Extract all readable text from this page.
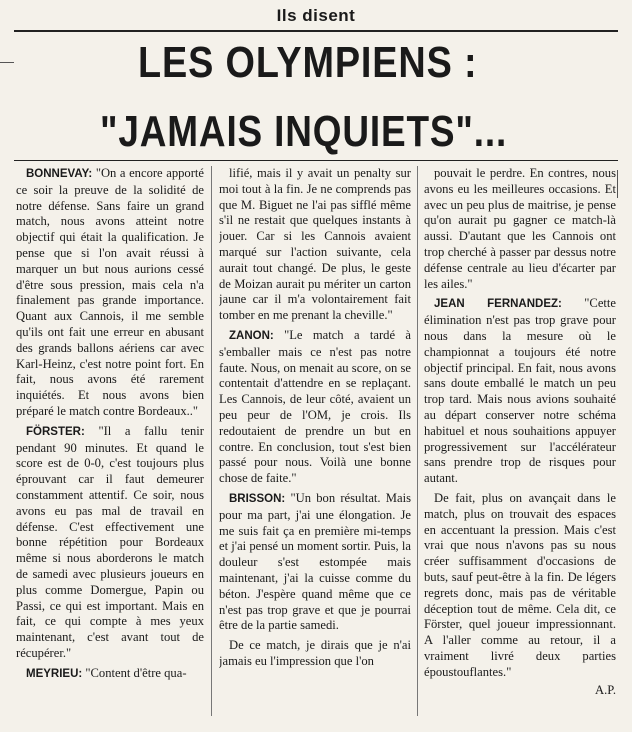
Ils disent
LES OLYMPIENS :
"JAMAIS INQUIETS"...

BONNEVAY: "On a encore apporté ce soir la preuve de la solidité de notre défense. Sans faire un grand match, nous avons atteint notre objectif qui était la qualification. Je pense que si l'on avait réussi à marquer un but nous aurions cessé d'être sous pression, mais cela n'a finalement pas grande importance. Quant aux Cannois, il me semble qu'ils ont fait une erreur en abusant des grands ballons aériens car avec Karl-Heinz, c'est notre point fort. En fait, nous avons été rarement inquiétés. Et nous avons bien préparé le match contre Bordeaux.."

FÖRSTER: "Il a fallu tenir pendant 90 minutes. Et quand le score est de 0-0, c'est toujours plus éprouvant car il faut demeurer constamment attentif. Ce soir, nous avons eu pas mal de travail en défense. C'est effectivement une bonne répétition pour Bordeaux même si nous aborderons le match de samedi avec plusieurs joueurs en plus comme Domergue, Papin ou Passi, ce qui est important. Mais en fait, ce qui compte à mes yeux maintenant, c'est avant tout de récupérer."

MEYRIEU: "Content d'être qua-

lifié, mais il y avait un penalty sur moi tout à la fin. Je ne comprends pas que M. Biguet ne l'ai pas sifflé même s'il ne restait que quelques instants à jouer. Car si les Cannois avaient marqué sur l'action suivante, cela aurait tout changé. De plus, le geste de Moizan aurait pu mériter un carton jaune car il m'a volontairement fait tomber en me prenant la cheville."

ZANON: "Le match a tardé à s'emballer mais ce n'est pas notre faute. Nous, on menait au score, on se contentait d'attendre en se replaçant. Les Cannois, de leur côté, avaient un peu peur de l'OM, je crois. Ils redoutaient de prendre un but en contre. En conclusion, tout s'est bien passé pour nous. Voilà une bonne chose de faite."

BRISSON: "Un bon résultat. Mais pour ma part, j'ai une élongation. Je me suis fait ça en première mi-temps et j'ai pensé un moment sortir. Puis, la douleur s'est estompée mais maintenant, j'ai la cuisse comme du béton. J'espère quand même que ce n'est pas trop grave et que je pourrai être de la partie samedi.

De ce match, je dirais que je n'ai jamais eu l'impression que l'on

pouvait le perdre. En contres, nous avons eu les meilleures occasions. Et avec un peu plus de maitrise, je pense qu'on aurait pu gagner ce match-là aussi. D'autant que les Cannois ont trop cherché à passer par dessus notre défense centrale au lieu d'écarter par les ailes."

JEAN FERNANDEZ: "Cette élimination n'est pas trop grave pour nous dans la mesure où le championnat a toujours été notre objectif principal. En fait, nous avons sans doute emballé le match un peu trop tard. Mais nous avions souhaité au départ conserver notre schéma habituel et nous souhaitions appuyer progressivement sur l'accélérateur sans prendre trop de risques pour autant.

De fait, plus on avançait dans le match, plus on trouvait des espaces en accentuant la pression. Mais c'est vrai que nous n'avons pas su nous créer suffisamment d'occasions de buts, sauf peut-être à la fin. De légers regrets donc, mais pas de véritable déception tout de même. Cela dit, ce Förster, quel joueur impressionnant. A l'aller comme au retour, il a vraiment livré deux parties époustouflantes."

A.P.
